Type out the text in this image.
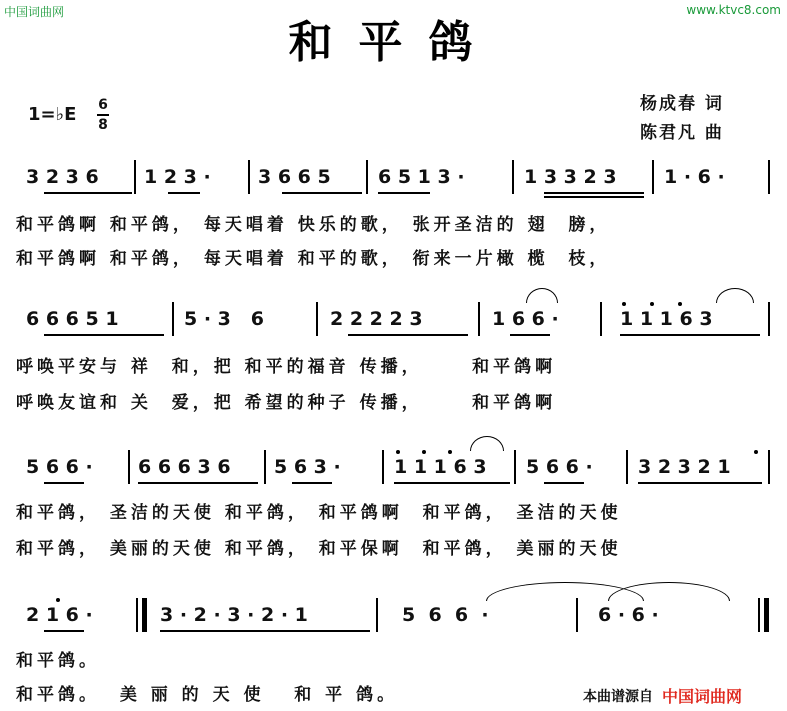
中国词曲网	www.ktvc8.com
和平鸽
1=♭E 6
8
杨成春 词
陈君凡 曲
3 2 3 6 1 2 3 · 3 6 6 5 6 5 1 3 ·	1 3 3 2 3 1 · 6 ·
和平鸽啊 和平鸽， 每天唱着 快乐的歌， 张开圣洁的 翅  膀，
和平鸽啊 和平鸽， 每天唱着 和平的歌， 衔来一片橄 榄  枝，
6 6 6 5 1	5 · 3   6	2 2 2 2 3	1 6 6 ·	1 1 1 6 3
呼唤平安与 祥  和，把 和平的福音 传播，     和平鸽啊
呼唤友谊和 关  爱，把 希望的种子 传播，     和平鸽啊
5 6 6 · 6 6 6 3 6 5 6 3 ·	1 1 1 6 3 5 6 6 · 3 2 3 2 1
和平鸽， 圣洁的天使 和平鸽， 和平鸽啊  和平鸽， 圣洁的天使
和平鸽， 美丽的天使 和平鸽， 和平保啊  和平鸽， 美丽的天使
2 1 6 ·	3 · 2 · 3 · 2 · 1	5  6  6  ·	6 · 6 ·
和平鸽。
和平鸽。  美 丽 的 天 使   和 平 鸽。	本曲谱源自 中国词曲网
